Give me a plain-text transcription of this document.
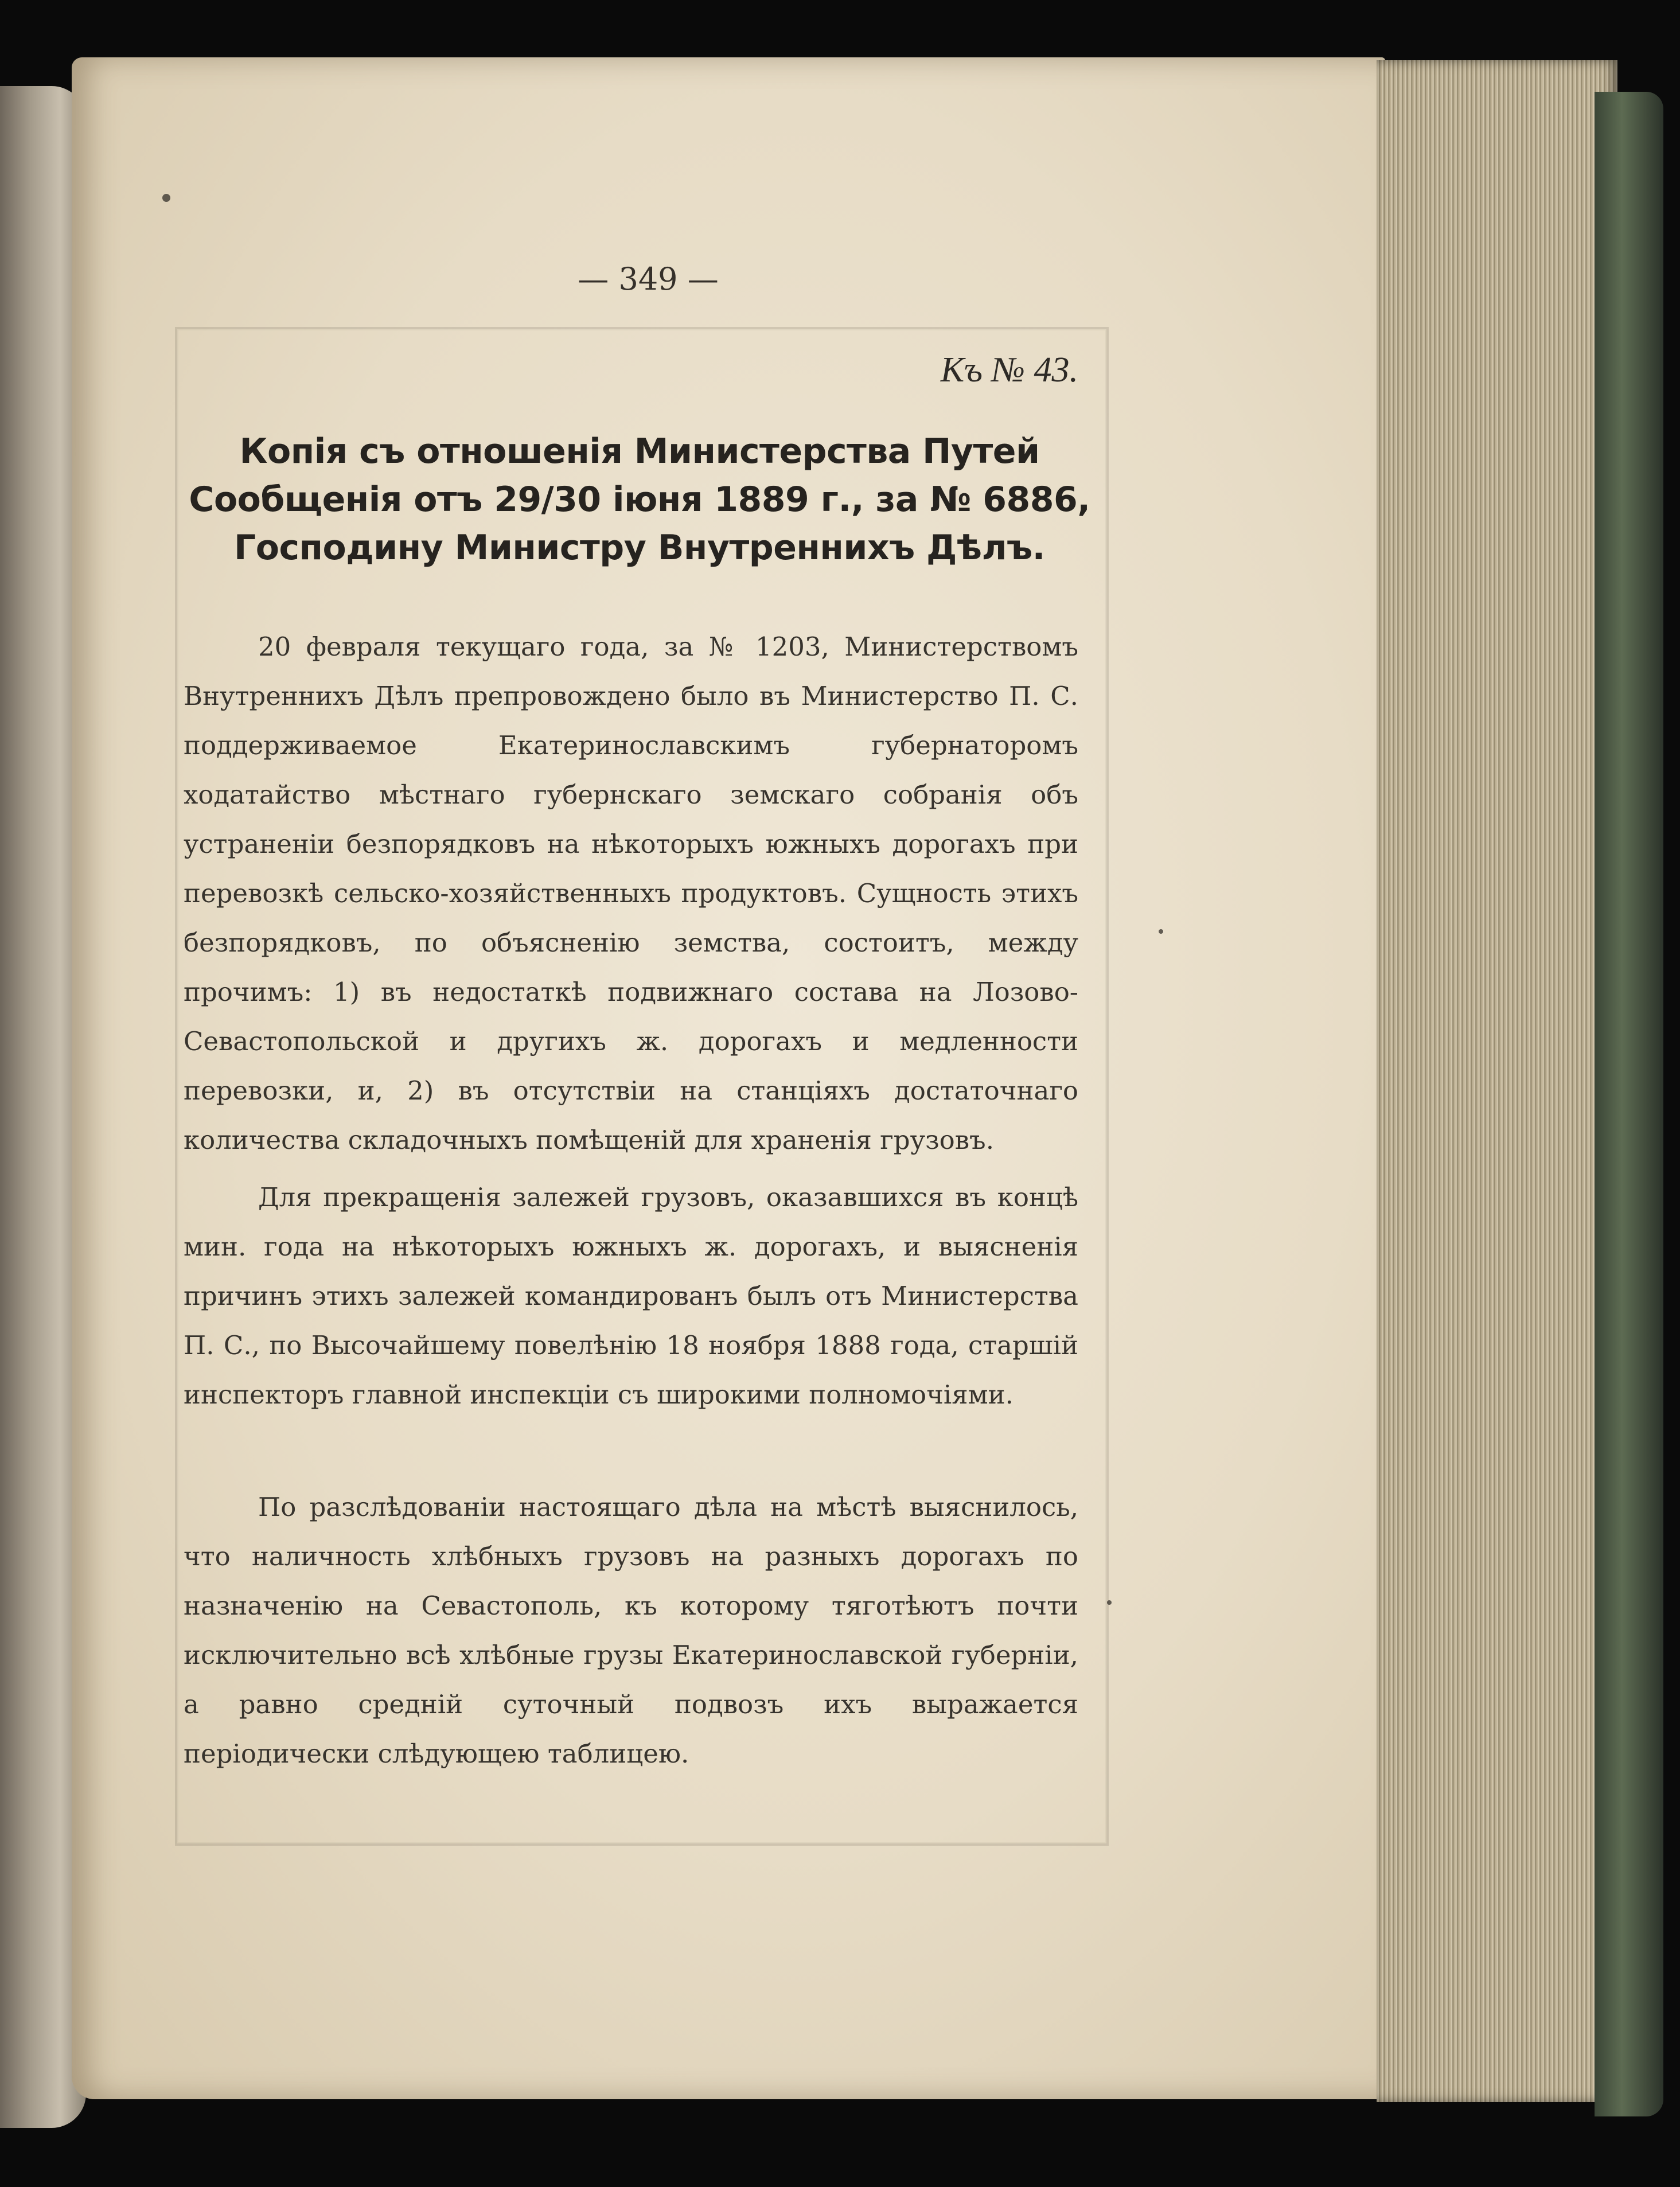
— 349 —
Къ № 43.
Копія съ отношенія Министерства Путей Сообщенія отъ 29/30 іюня 1889 г., за № 6886, Господину Министру Внутреннихъ Дѣлъ.
20 февраля текущаго года, за № 1203, Министерствомъ Внутреннихъ Дѣлъ препровождено было въ Министерство П. С. поддерживаемое Екатеринославскимъ губернаторомъ ходатайство мѣстнаго губернскаго земскаго собранія объ устраненіи безпорядковъ на нѣкоторыхъ южныхъ дорогахъ при перевозкѣ сельско-хозяйственныхъ продуктовъ. Сущность этихъ безпорядковъ, по объясненію земства, состоитъ, между прочимъ: 1) въ недостаткѣ подвижнаго состава на Лозово-Севастопольской и другихъ ж. дорогахъ и медленности перевозки, и, 2) въ отсутствіи на станціяхъ достаточнаго количества складочныхъ помѣщеній для храненія грузовъ.
Для прекращенія залежей грузовъ, оказавшихся въ концѣ мин. года на нѣкоторыхъ южныхъ ж. дорогахъ, и выясненія причинъ этихъ залежей командированъ былъ отъ Министерства П. С., по Высочайшему повелѣнію 18 ноября 1888 года, старшій инспекторъ главной инспекціи съ широкими полномочіями.
По разслѣдованіи настоящаго дѣла на мѣстѣ выяснилось, что наличность хлѣбныхъ грузовъ на разныхъ дорогахъ по назначенію на Севастополь, къ которому тяготѣютъ почти исключительно всѣ хлѣбные грузы Екатеринославской губерніи, а равно средній суточный подвозъ ихъ выражается періодически слѣдующею таблицею.
